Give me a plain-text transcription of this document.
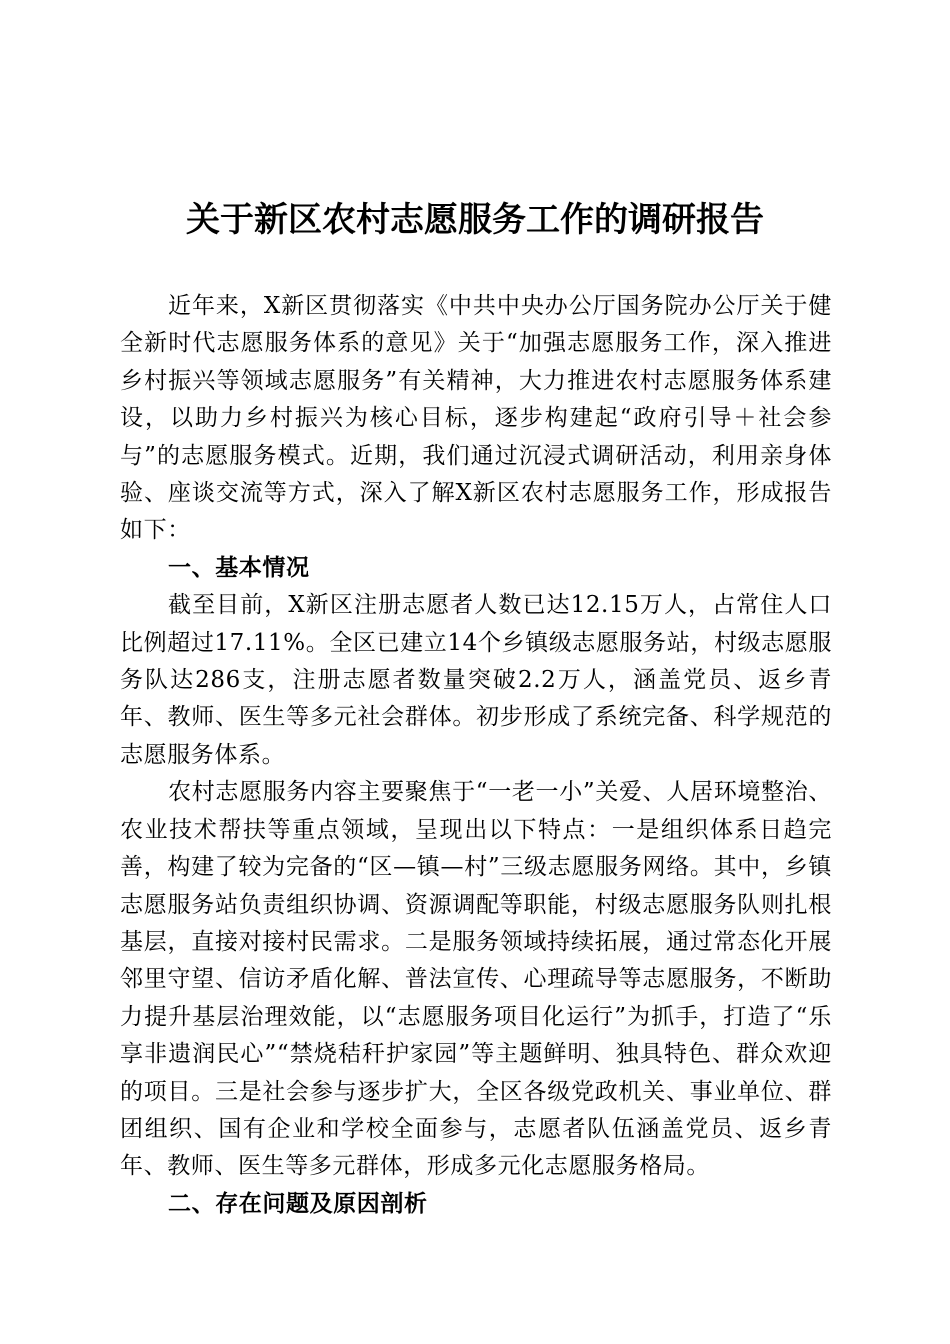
关于新区农村志愿服务工作的调研报告

近年来，X新区贯彻落实《中共中央办公厅国务院办公厅关于健全新时代志愿服务体系的意见》关于“加强志愿服务工作，深入推进乡村振兴等领域志愿服务”有关精神，大力推进农村志愿服务体系建设，以助力乡村振兴为核心目标，逐步构建起“政府引导＋社会参与”的志愿服务模式。近期，我们通过沉浸式调研活动，利用亲身体验、座谈交流等方式，深入了解X新区农村志愿服务工作，形成报告如下：

一、基本情况

截至目前，X新区注册志愿者人数已达12.15万人，占常住人口比例超过17.11%。全区已建立14个乡镇级志愿服务站，村级志愿服务队达286支，注册志愿者数量突破2.2万人，涵盖党员、返乡青年、教师、医生等多元社会群体。初步形成了系统完备、科学规范的志愿服务体系。

农村志愿服务内容主要聚焦于“一老一小”关爱、人居环境整治、农业技术帮扶等重点领域，呈现出以下特点：一是组织体系日趋完善，构建了较为完备的“区—镇—村”三级志愿服务网络。其中，乡镇志愿服务站负责组织协调、资源调配等职能，村级志愿服务队则扎根基层，直接对接村民需求。二是服务领域持续拓展，通过常态化开展邻里守望、信访矛盾化解、普法宣传、心理疏导等志愿服务，不断助力提升基层治理效能，以“志愿服务项目化运行”为抓手，打造了“乐享非遗润民心”“禁烧秸秆护家园”等主题鲜明、独具特色、群众欢迎的项目。三是社会参与逐步扩大，全区各级党政机关、事业单位、群团组织、国有企业和学校全面参与，志愿者队伍涵盖党员、返乡青年、教师、医生等多元群体，形成多元化志愿服务格局。

二、存在问题及原因剖析
